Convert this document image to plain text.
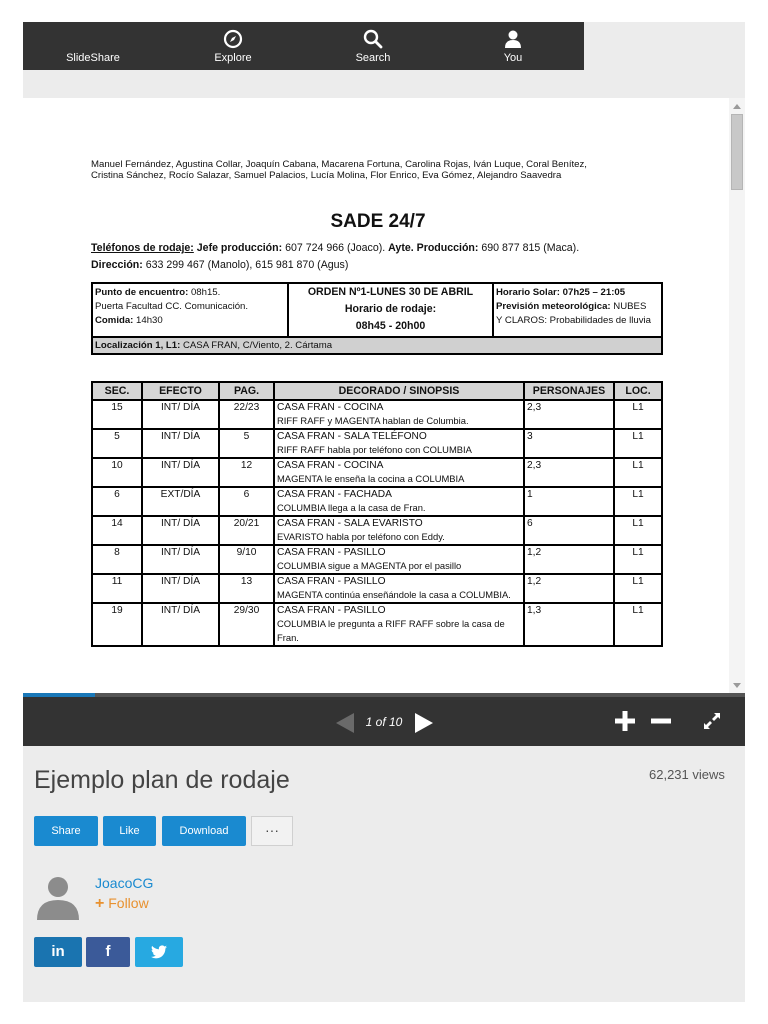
SlideShare	Explore	Search	You
Manuel Fernández, Agustina Collar, Joaquín Cabana, Macarena Fortuna, Carolina Rojas, Iván Luque, Coral Benítez,
Cristina Sánchez, Rocío Salazar, Samuel Palacios, Lucía Molina, Flor Enrico, Eva Gómez, Alejandro Saavedra
SADE 24/7
Teléfonos de rodaje: Jefe producción: 607 724 966 (Joaco). Ayte. Producción: 690 877 815 (Maca).
Dirección: 633 299 467 (Manolo), 615 981 870 (Agus)
Punto de encuentro: 08h15.
Puerta Facultad CC. Comunicación.
Comida: 14h30
ORDEN Nº1-LUNES 30 DE ABRIL
Horario de rodaje:
08h45 - 20h00
Horario Solar: 07h25 – 21:05
Previsión meteorológica: NUBES
Y CLAROS: Probabilidades de lluvia
Localización 1, L1: CASA FRAN, C/Viento, 2. Cártama
SEC.	EFECTO	PAG.	DECORADO / SINOPSIS	PERSONAJES	LOC.
15	INT/ DÍA	22/23	CASA FRAN - COCINA
RIFF RAFF y MAGENTA hablan de Columbia.	2,3	L1
5	INT/ DÍA	5	CASA FRAN - SALA TELÉFONO
RIFF RAFF habla por teléfono con COLUMBIA	3	L1
10	INT/ DÍA	12	CASA FRAN - COCINA
MAGENTA le enseña la cocina a COLUMBIA	2,3	L1
6	EXT/DÍA	6	CASA FRAN - FACHADA
COLUMBIA llega a la casa de Fran.	1	L1
14	INT/ DÍA	20/21	CASA FRAN - SALA EVARISTO
EVARISTO habla por teléfono con Eddy.	6	L1
8	INT/ DÍA	9/10	CASA FRAN - PASILLO
COLUMBIA sigue a MAGENTA por el pasillo	1,2	L1
11	INT/ DÍA	13	CASA FRAN - PASILLO
MAGENTA continúa enseñándole la casa a COLUMBIA.	1,2	L1
19	INT/ DÍA	29/30	CASA FRAN - PASILLO
COLUMBIA le pregunta a RIFF RAFF sobre la casa de Fran.	1,3	L1
1 of 10
Ejemplo plan de rodaje	62,231 views
Share	Like	Download	···
JoacoCG
+ Follow
in	f
